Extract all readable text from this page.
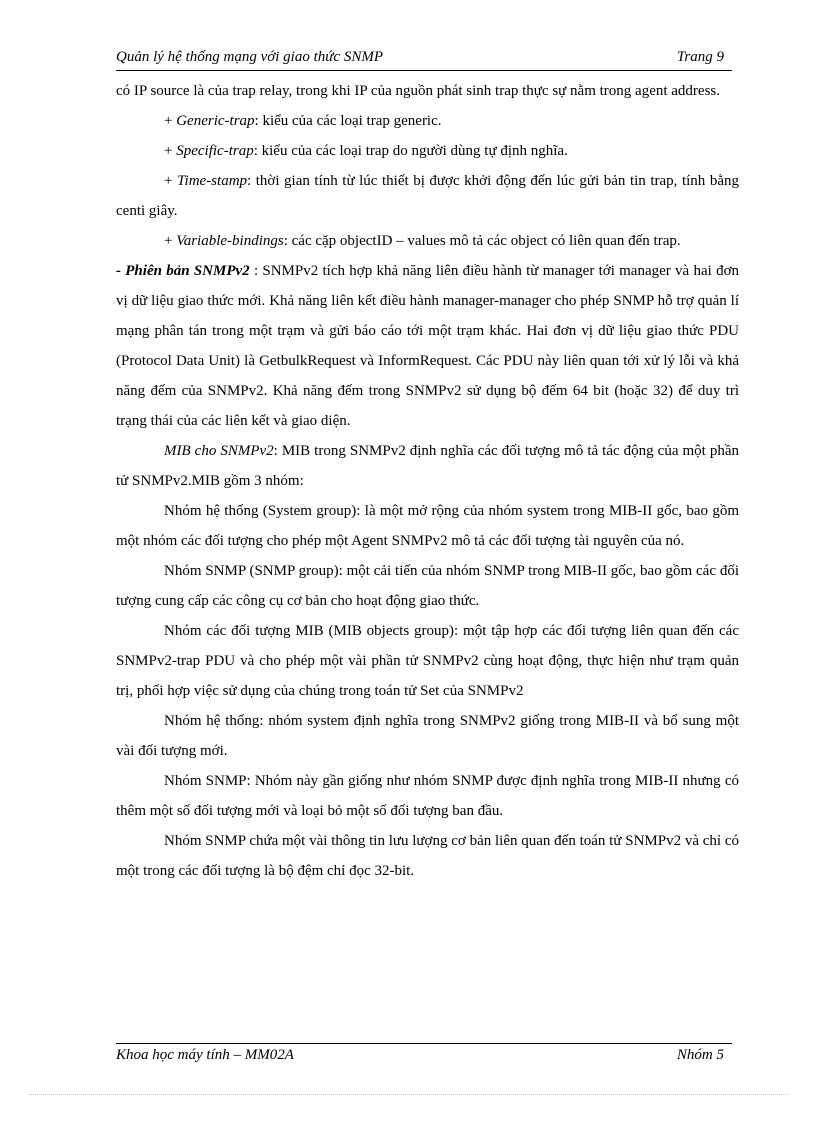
Quản lý hệ thống mạng với giao thức SNMP	Trang 9

có IP source là của trap relay, trong khi IP của nguồn phát sinh trap thực sự nằm trong agent address.

+ Generic-trap: kiểu của các loại trap generic.

+ Specific-trap: kiểu của các loại trap do người dùng tự định nghĩa.

+ Time-stamp: thời gian tính từ lúc thiết bị được khởi động đến lúc gửi bản tin trap, tính bằng centi giây.

+ Variable-bindings: các cặp objectID – values mô tả các object có liên quan đến trap.

- Phiên bản SNMPv2 : SNMPv2 tích hợp khả năng liên điều hành từ manager tới manager và hai đơn vị dữ liệu giao thức mới. Khả năng liên kết điều hành manager-manager cho phép SNMP hỗ trợ quản lí mạng phân tán trong một trạm và gửi báo cáo tới một trạm khác. Hai đơn vị dữ liệu giao thức PDU (Protocol Data Unit) là GetbulkRequest và InformRequest. Các PDU này liên quan tới xử lý lỗi và khả năng đếm của SNMPv2. Khả năng đếm trong SNMPv2 sử dụng bộ đếm 64 bit (hoặc 32) để duy trì trạng thái của các liên kết và giao diện.

MIB cho SNMPv2: MIB trong SNMPv2 định nghĩa các đối tượng mô tả tác động của một phần tử SNMPv2.MIB gồm 3 nhóm:

Nhóm hệ thống (System group): là một mở rộng của nhóm system trong MIB-II gốc, bao gồm một nhóm các đối tượng cho phép một Agent SNMPv2 mô tả các đối tượng tài nguyên của nó.

Nhóm SNMP (SNMP group): một cải tiến của nhóm SNMP trong MIB-II gốc, bao gồm các đối tượng cung cấp các công cụ cơ bản cho hoạt động giao thức.

Nhóm các đối tượng MIB (MIB objects group): một tập hợp các đối tượng liên quan đến các SNMPv2-trap PDU và cho phép một vài phần tử SNMPv2 cùng hoạt động, thực hiện như trạm quản trị, phối hợp việc sử dụng của chúng trong toán tử Set của SNMPv2

Nhóm hệ thống: nhóm system định nghĩa trong SNMPv2 giống trong MIB-II và bổ sung một vài đối tượng mới.

Nhóm SNMP: Nhóm này gần giống như nhóm SNMP được định nghĩa trong MIB-II nhưng có thêm một số đối tượng mới và loại bỏ một số đối tượng ban đầu.

Nhóm SNMP chứa một vài thông tin lưu lượng cơ bản liên quan đến toán tử SNMPv2 và chỉ có một trong các đối tượng là bộ đệm chỉ đọc 32-bit.

Khoa học máy tính – MM02A	Nhóm 5
